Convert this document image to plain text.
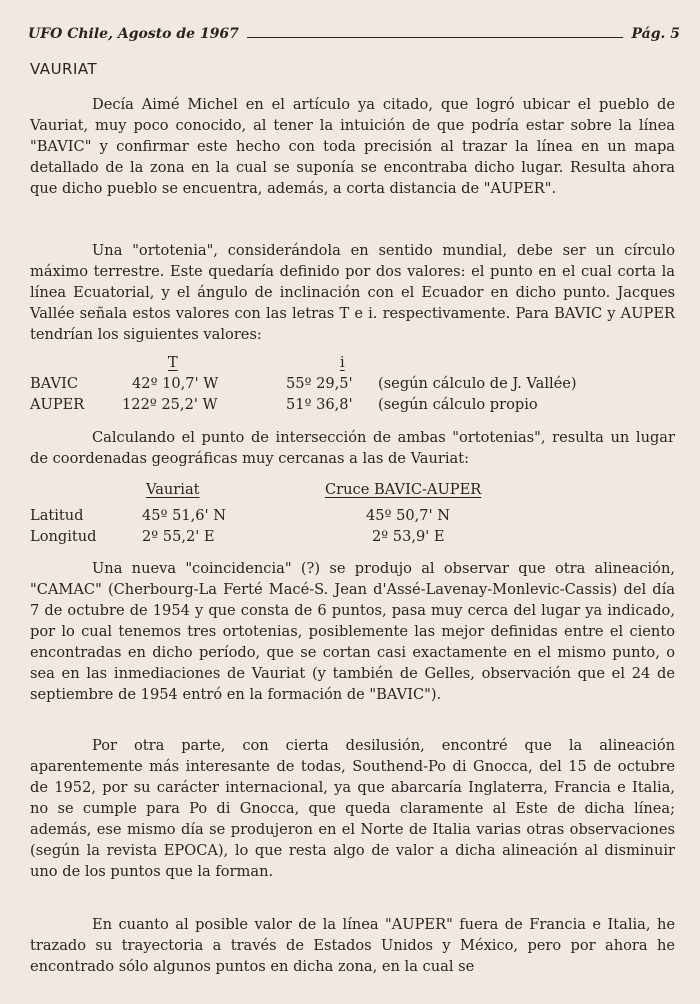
UFO Chile, Agosto de 1967	Pág. 5
VAURIAT

Decía Aimé Michel en el artículo ya citado, que logró ubicar el pueblo de Vauriat, muy poco conocido, al tener la intuición de que podría estar sobre la línea "BAVIC" y confirmar este hecho con toda precisión al trazar la línea en un mapa detallado de la zona en la cual se suponía se encontraba dicho lugar. Resulta ahora que dicho pueblo se encuentra, además, a corta distancia de "AUPER".

Una "ortotenia", considerándola en sentido mundial, debe ser un círculo máximo terrestre. Este quedaría definido por dos valores: el punto en el cual corta la línea Ecuatorial, y el ángulo de inclinación con el Ecuador en dicho punto. Jacques Vallée señala estos valores con las letras T e i. respectivamente. Para BAVIC y AUPER tendrían los siguientes valores:

T	i
BAVIC	42º 10,7' W	55º 29,5' (según cálculo de J. Vallée)
AUPER	122º 25,2' W	51º 36,8' (según cálculo propio

Calculando el punto de intersección de ambas "ortotenias", resulta un lugar de coordenadas geográficas muy cercanas a las de Vauriat:

Vauriat	Cruce BAVIC-AUPER
Latitud	45º 51,6' N	45º 50,7' N
Longitud	2º 55,2' E	2º 53,9' E

Una nueva "coincidencia" (?) se produjo al observar que otra alineación, "CAMAC" (Cherbourg-La Ferté Macé-S. Jean d'Assé-Lavenay-Monlevic-Cassis) del día 7 de octubre de 1954 y que consta de 6 puntos, pasa muy cerca del lugar ya indicado, por lo cual tenemos tres ortotenias, posiblemente las mejor definidas entre el ciento encontradas en dicho período, que se cortan casi exactamente en el mismo punto, o sea en las inmediaciones de Vauriat (y también de Gelles, observación que el 24 de septiembre de 1954 entró en la formación de "BAVIC").

Por otra parte, con cierta desilusión, encontré que la alineación aparentemente más interesante de todas, Southend-Po di Gnocca, del 15 de octubre de 1952, por su carácter internacional, ya que abarcaría Inglaterra, Francia e Italia, no se cumple para Po di Gnocca, que queda claramente al Este de dicha línea; además, ese mismo día se produjeron en el Norte de Italia varias otras observaciones (según la revista EPOCA), lo que resta algo de valor a dicha alineación al disminuir uno de los puntos que la forman.

En cuanto al posible valor de la línea "AUPER" fuera de Francia e Italia, he trazado su trayectoria a través de Estados Unidos y México, pero por ahora he encontrado sólo algunos puntos en dicha zona, en la cual se
